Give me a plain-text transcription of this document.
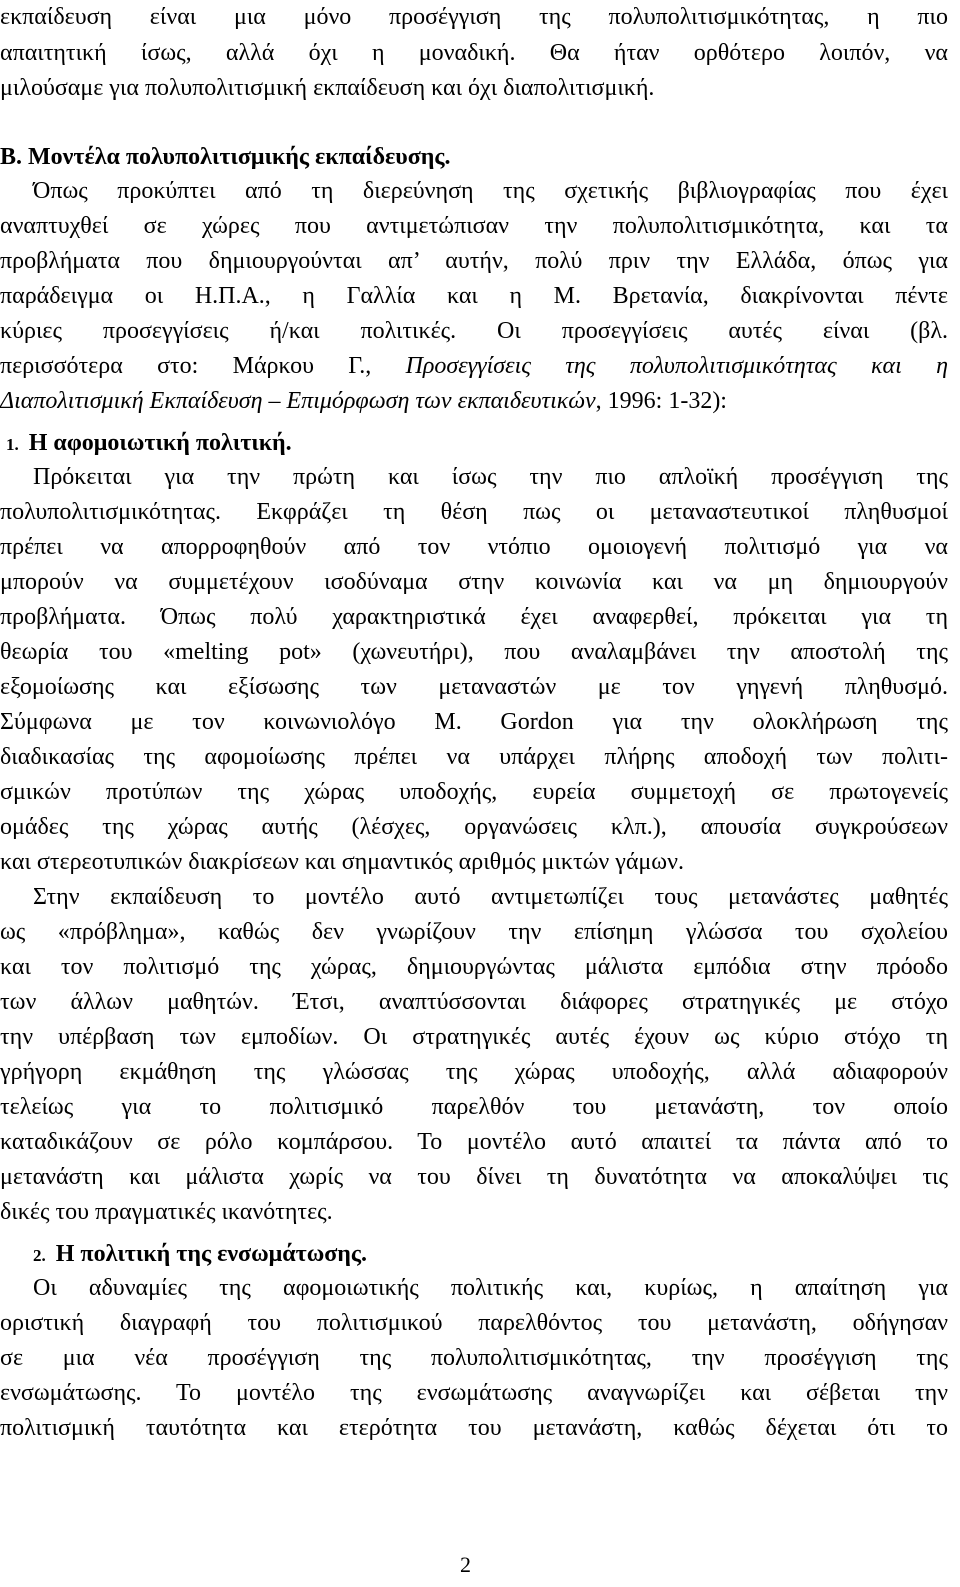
εκπαίδευση είναι μια μόνο προσέγγιση της πολυπολιτισμικότητας, η πιο
απαιτητική ίσως, αλλά όχι η μοναδική. Θα ήταν ορθότερο λοιπόν, να
μιλούσαμε για πολυπολιτισμική εκπαίδευση και όχι διαπολιτισμική.
Β. Μοντέλα πολυπολιτισμικής εκπαίδευσης.
Όπως προκύπτει από τη διερεύνηση της σχετικής βιβλιογραφίας που έχει
αναπτυχθεί σε χώρες που αντιμετώπισαν την πολυπολιτισμικότητα, και τα
προβλήματα που δημιουργούνται απ’ αυτήν, πολύ πριν την Ελλάδα, όπως για
παράδειγμα οι Η.Π.Α., η Γαλλία και η Μ. Βρετανία, διακρίνονται πέντε
κύριες προσεγγίσεις ή/και πολιτικές. Οι προσεγγίσεις αυτές είναι (βλ.
περισσότερα στο: Μάρκου Γ., Προσεγγίσεις της πολυπολιτισμικότητας και η
Διαπολιτισμική Εκπαίδευση – Επιμόρφωση των εκπαιδευτικών, 1996: 1-32):
1. Η αφομοιωτική πολιτική.
Πρόκειται για την πρώτη και ίσως την πιο απλοϊκή προσέγγιση της
πολυπολιτισμικότητας. Εκφράζει τη θέση πως οι μεταναστευτικοί πληθυσμοί
πρέπει να απορροφηθούν από τον ντόπιο ομοιογενή πολιτισμό για να
μπορούν να συμμετέχουν ισοδύναμα στην κοινωνία και να μη δημιουργούν
προβλήματα. Όπως πολύ χαρακτηριστικά έχει αναφερθεί, πρόκειται για τη
θεωρία του «melting pot» (χωνευτήρι), που αναλαμβάνει την αποστολή της
εξομοίωσης και εξίσωσης των μεταναστών με τον γηγενή πληθυσμό.
Σύμφωνα με τον κοινωνιολόγο Μ. Gordon για την ολοκλήρωση της
διαδικασίας της αφομοίωσης πρέπει να υπάρχει πλήρης αποδοχή των πολιτι-
σμικών προτύπων της χώρας υποδοχής, ευρεία συμμετοχή σε πρωτογενείς
ομάδες της χώρας αυτής (λέσχες, οργανώσεις κλπ.), απουσία συγκρούσεων
και στερεοτυπικών διακρίσεων και σημαντικός αριθμός μικτών γάμων.
Στην εκπαίδευση το μοντέλο αυτό αντιμετωπίζει τους μετανάστες μαθητές
ως «πρόβλημα», καθώς δεν γνωρίζουν την επίσημη γλώσσα του σχολείου
και τον πολιτισμό της χώρας, δημιουργώντας μάλιστα εμπόδια στην πρόοδο
των άλλων μαθητών. Έτσι, αναπτύσσονται διάφορες στρατηγικές με στόχο
την υπέρβαση των εμποδίων. Οι στρατηγικές αυτές έχουν ως κύριο στόχο τη
γρήγορη εκμάθηση της γλώσσας της χώρας υποδοχής, αλλά αδιαφορούν
τελείως για το πολιτισμικό παρελθόν του μετανάστη, τον οποίο
καταδικάζουν σε ρόλο κομπάρσου. Το μοντέλο αυτό απαιτεί τα πάντα από το
μετανάστη και μάλιστα χωρίς να του δίνει τη δυνατότητα να αποκαλύψει τις
δικές του πραγματικές ικανότητες.
2. Η πολιτική της ενσωμάτωσης.
Οι αδυναμίες της αφομοιωτικής πολιτικής και, κυρίως, η απαίτηση για
οριστική διαγραφή του πολιτισμικού παρελθόντος του μετανάστη, οδήγησαν
σε μια νέα προσέγγιση της πολυπολιτισμικότητας, την προσέγγιση της
ενσωμάτωσης. Το μοντέλο της ενσωμάτωσης αναγνωρίζει και σέβεται την
πολιτισμική ταυτότητα και ετερότητα του μετανάστη, καθώς δέχεται ότι το
2
